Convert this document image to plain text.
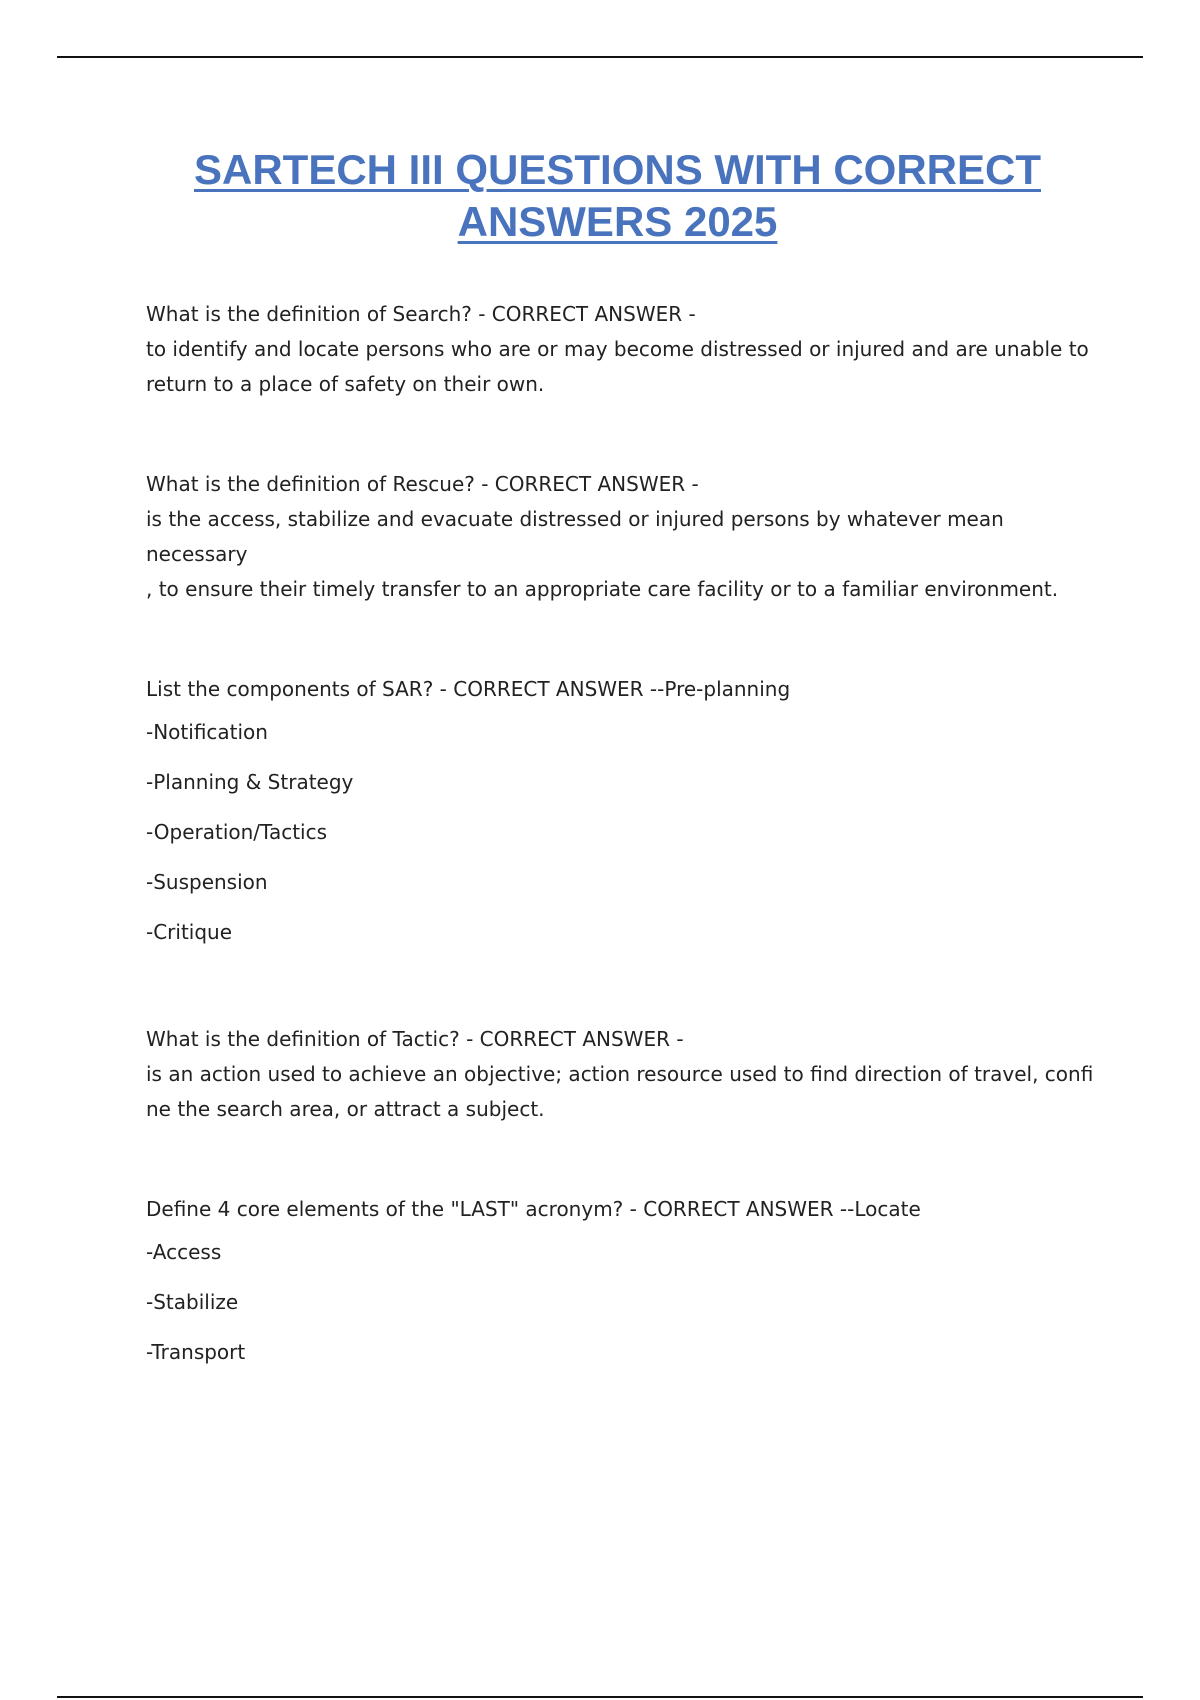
SARTECH III QUESTIONS WITH CORRECT
ANSWERS 2025

What is the definition of Search? - CORRECT ANSWER -

to identify and locate persons who are or may become distressed or injured and are unable to

return to a place of safety on their own.

What is the definition of Rescue? - CORRECT ANSWER -

is the access, stabilize and evacuate distressed or injured persons by whatever mean necessary

, to ensure their timely transfer to an appropriate care facility or to a familiar environment.

List the components of SAR? - CORRECT ANSWER --Pre-planning

-Notification

-Planning & Strategy

-Operation/Tactics

-Suspension

-Critique

What is the definition of Tactic? - CORRECT ANSWER -

is an action used to achieve an objective; action resource used to find direction of travel, confi

ne the search area, or attract a subject.

Define 4 core elements of the "LAST" acronym? - CORRECT ANSWER --Locate

-Access

-Stabilize

-Transport
